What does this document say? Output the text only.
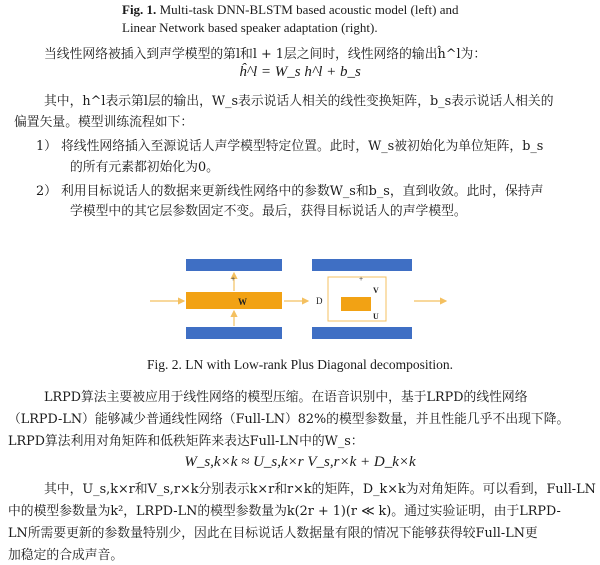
Fig. 1. Multi-task DNN-BLSTM based acoustic model (left) and
Linear Network based speaker adaptation (right).
当线性网络被插入到声学模型的第l和l + 1层之间时，线性网络的输出ĥ^l为：
ĥ^l = W_s h^l + b_s
其中，h^l表示第l层的输出，W_s表示说话人相关的线性变换矩阵，b_s表示说话人相关的
偏置矢量。模型训练流程如下：
1） 将线性网络插入至源说话人声学模型特定位置。此时，W_s被初始化为单位矩阵，b_s
的所有元素都初始化为0。
2） 利用目标说话人的数据来更新线性网络中的参数W_s和b_s，直到收敛。此时，保持声
学模型中的其它层参数固定不变。最后，获得目标说话人的声学模型。
W
+
D
V
U
+
Fig. 2. LN with Low-rank Plus Diagonal decomposition.
LRPD算法主要被应用于线性网络的模型压缩。在语音识别中，基于LRPD的线性网络
（LRPD-LN）能够减少普通线性网络（Full-LN）82%的模型参数量，并且性能几乎不出现下降。
LRPD算法利用对角矩阵和低秩矩阵来表达Full-LN中的W_s：
W_s,k×k ≈ U_s,k×r V_s,r×k + D_k×k
其中，U_s,k×r和V_s,r×k分别表示k×r和r×k的矩阵，D_k×k为对角矩阵。可以看到，Full-LN
中的模型参数量为k²，LRPD-LN的模型参数量为k(2r + 1)(r ≪ k)。通过实验证明，由于LRPD-
LN所需要更新的参数量特别少，因此在目标说话人数据量有限的情况下能够获得较Full-LN更
加稳定的合成声音。
